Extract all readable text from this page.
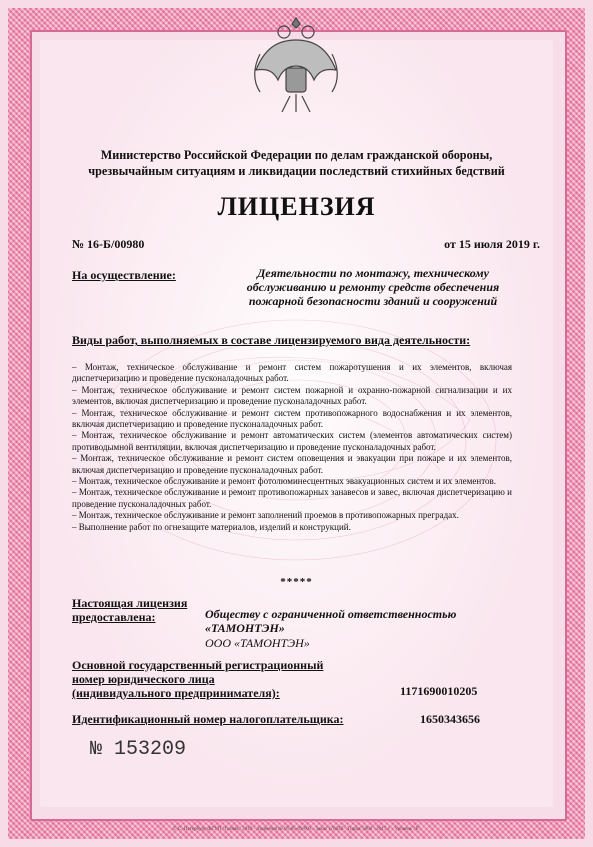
Министерство Российской Федерации по делам гражданской обороны, чрезвычайным ситуациям и ликвидации последствий стихийных бедствий
ЛИЦЕНЗИЯ
№ 16-Б/00980	от 15 июля 2019 г.
На осуществление:	Деятельности по монтажу, техническому обслуживанию и ремонту средств обеспечения пожарной безопасности зданий и сооружений
Виды работ, выполняемых в составе лицензируемого вида деятельности:
– Монтаж, техническое обслуживание и ремонт систем пожаротушения и их элементов, включая диспетчеризацию и проведение пусконаладочных работ.
– Монтаж, техническое обслуживание и ремонт систем пожарной и охранно-пожарной сигнализации и их элементов, включая диспетчеризацию и проведение пусконаладочных работ.
– Монтаж, техническое обслуживание и ремонт систем противопожарного водоснабжения и их элементов, включая диспетчеризацию и проведение пусконаладочных работ.
– Монтаж, техническое обслуживание и ремонт автоматических систем (элементов автоматических систем) противодымной вентиляции, включая диспетчеризацию и проведение пусконаладочных работ.
– Монтаж, техническое обслуживание и ремонт систем оповещения и эвакуации при пожаре и их элементов, включая диспетчеризацию и проведение пусконаладочных работ.
– Монтаж, техническое обслуживание и ремонт фотолюминесцентных эвакуационных систем и их элементов.
– Монтаж, техническое обслуживание и ремонт противопожарных занавесов и завес, включая диспетчеризацию и проведение пусконаладочных работ.
– Монтаж, техническое обслуживание и ремонт заполнений проемов в противопожарных преградах.
– Выполнение работ по огнезащите материалов, изделий и конструкций.
*****
Настоящая лицензия
предоставлена:	Обществу с ограниченной ответственностью «ТАМОНТЭН»
ООО «ТАМОНТЭН»
Основной государственный регистрационный
номер юридического лица
(индивидуального предпринимателя):	1171690010205
Идентификационный номер налогоплательщика:	1650343656
№ 153209
© С.-Петербург ФГУП "Гознак" 2019 · Лицензия № 05-05-09/003 · Заказ 170826 · Тираж 5000 · 2017 г. · Уровень "Б"
